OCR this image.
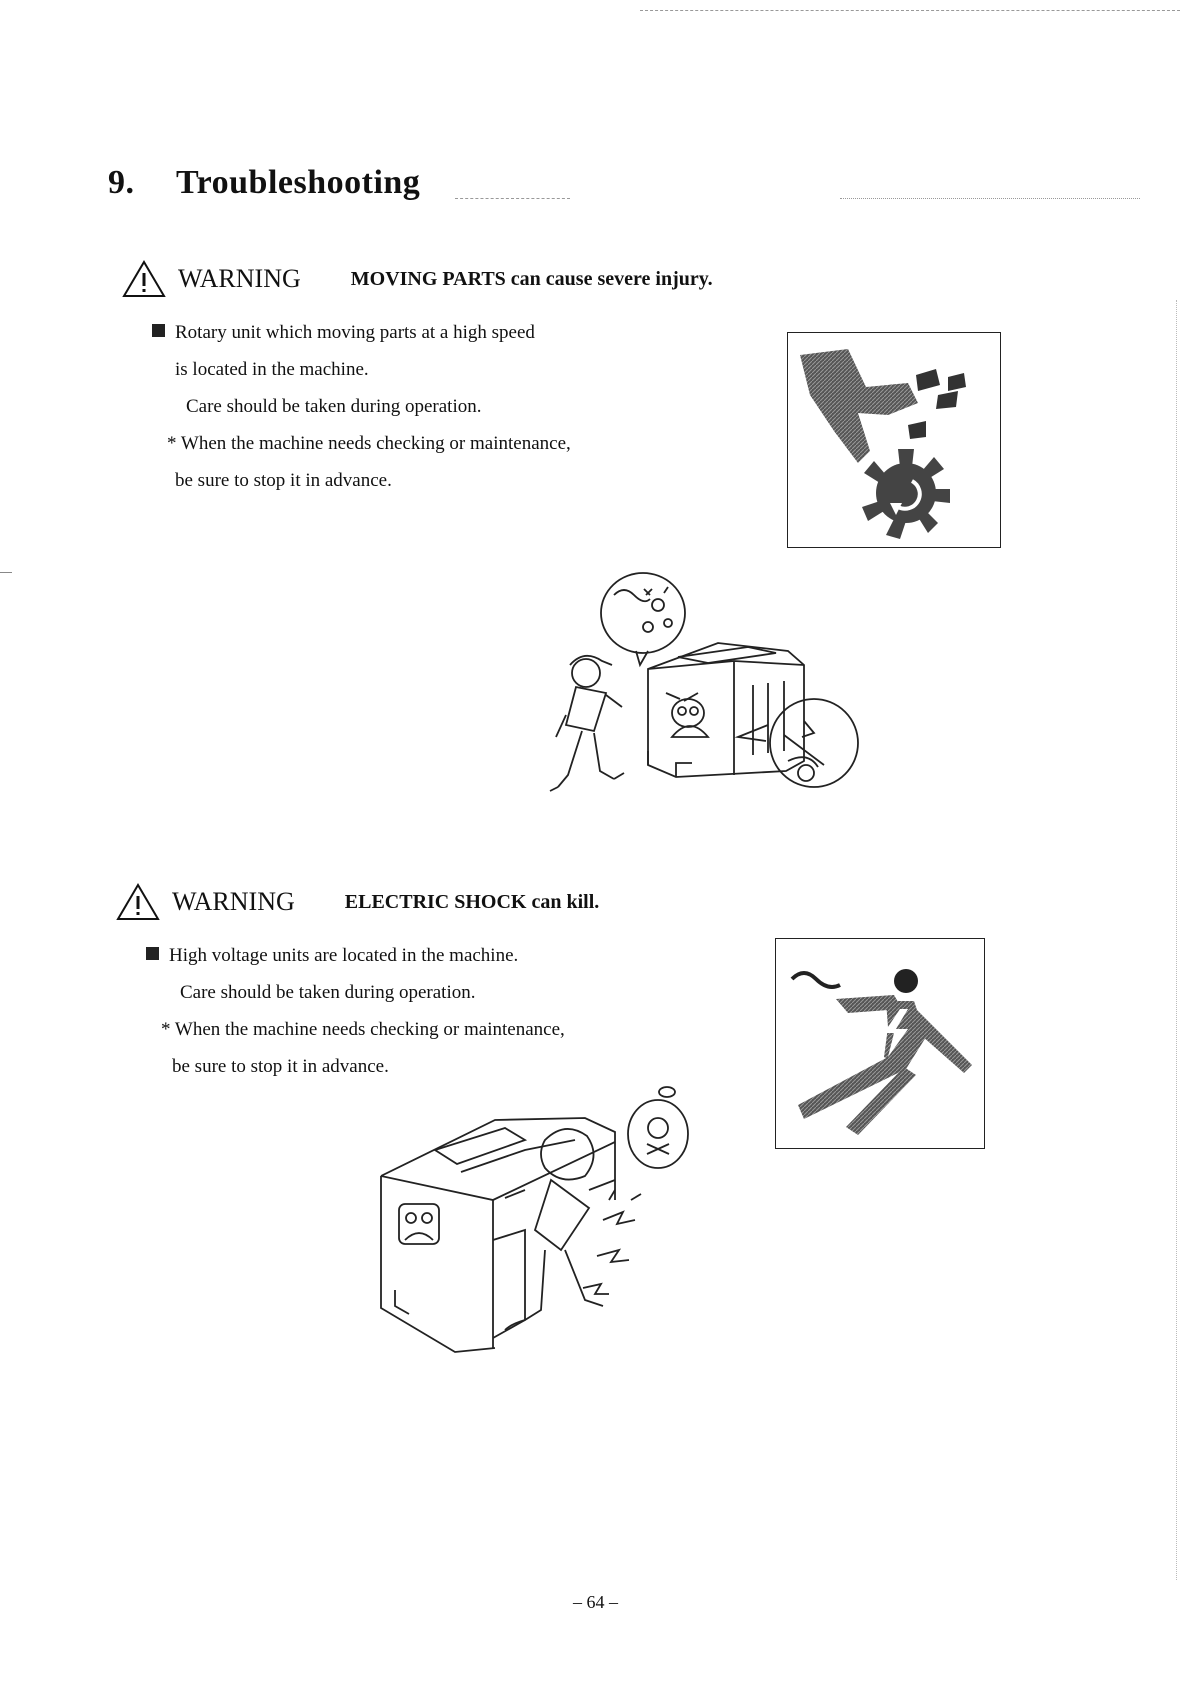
9. Troubleshooting
WARNING	MOVING PARTS can cause severe injury.
Rotary unit which moving parts at a high speed
is located in the machine.
Care should be taken during operation.
* When the machine needs checking or maintenance,
be sure to stop it in advance.
WARNING	ELECTRIC SHOCK can kill.
High voltage units are located in the machine.
Care should be taken during operation.
* When the machine needs checking or maintenance,
be sure to stop it in advance.
– 64 –
